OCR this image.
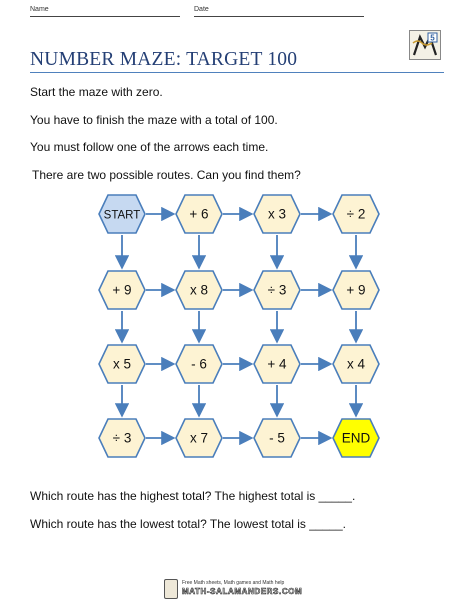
Name	Date
5
NUMBER MAZE: TARGET 100

Start the maze with zero.

You have to finish the maze with a total of 100.

You must follow one of the arrows each time.

There are two possible routes. Can you find them?

START	+ 6	x 3	÷ 2
+ 9	x 8	÷ 3	+ 9
x 5	- 6	+ 4	x 4
÷ 3	x 7	- 5	END

Which route has the highest total? The highest total is _____.

Which route has the lowest total? The lowest total is _____.

Free Math sheets, Math games and Math help
MATH-SALAMANDERS.COM
